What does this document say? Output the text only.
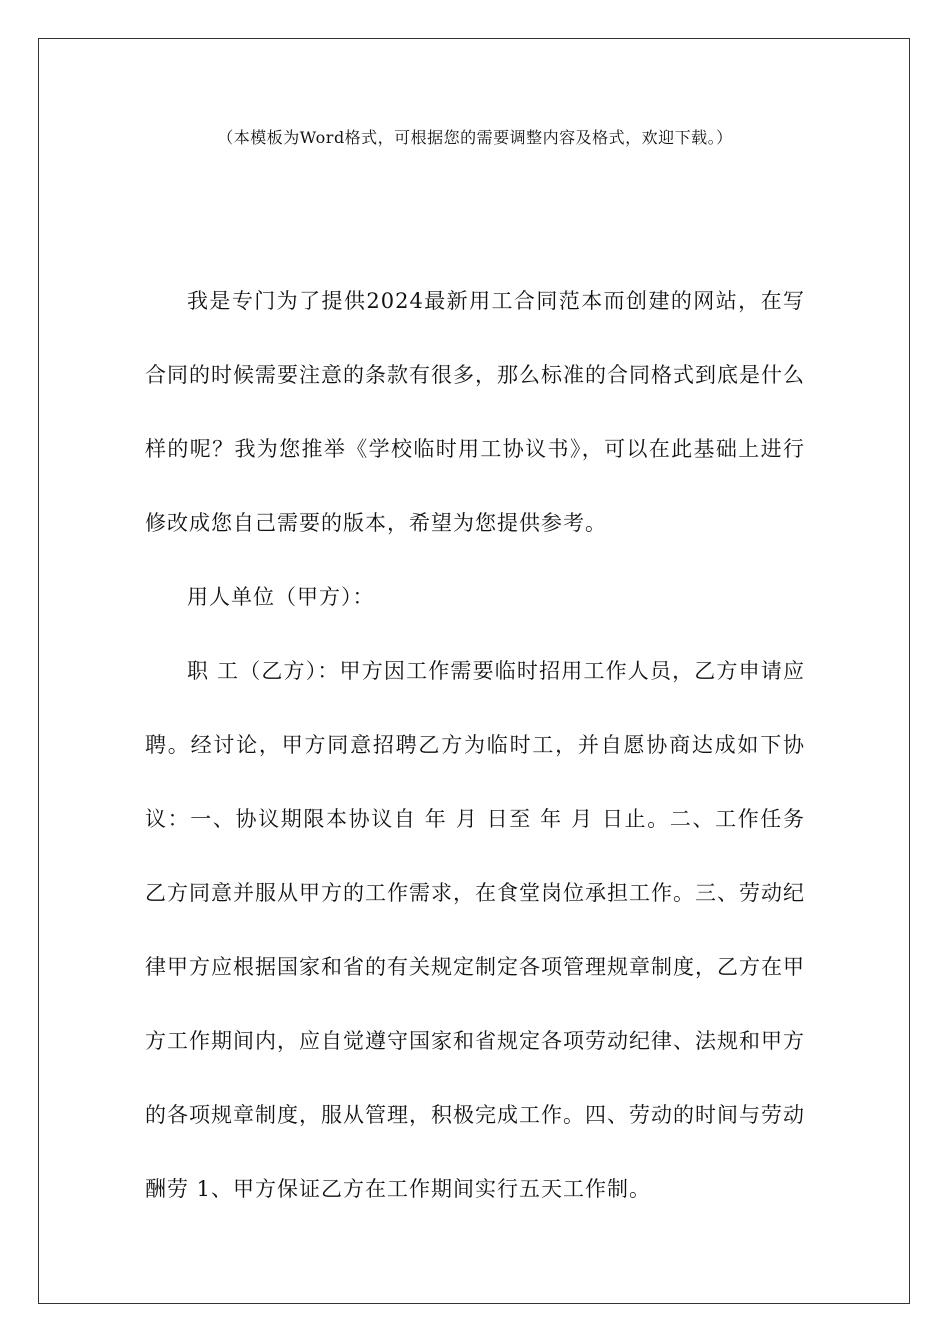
（本模板为Word格式，可根据您的需要调整内容及格式，欢迎下载。）

我是专门为了提供2024最新用工合同范本而创建的网站，在写合同的时候需要注意的条款有很多，那么标准的合同格式到底是什么样的呢？我为您推举《学校临时用工协议书》，可以在此基础上进行修改成您自己需要的版本，希望为您提供参考。

用人单位（甲方）：

职 工（乙方）：甲方因工作需要临时招用工作人员，乙方申请应聘。经讨论，甲方同意招聘乙方为临时工，并自愿协商达成如下协议：一、协议期限本协议自 年 月 日至 年 月 日止。二、工作任务乙方同意并服从甲方的工作需求，在食堂岗位承担工作。三、劳动纪律甲方应根据国家和省的有关规定制定各项管理规章制度，乙方在甲方工作期间内，应自觉遵守国家和省规定各项劳动纪律、法规和甲方的各项规章制度，服从管理，积极完成工作。四、劳动的时间与劳动酬劳 1、甲方保证乙方在工作期间实行五天工作制。
